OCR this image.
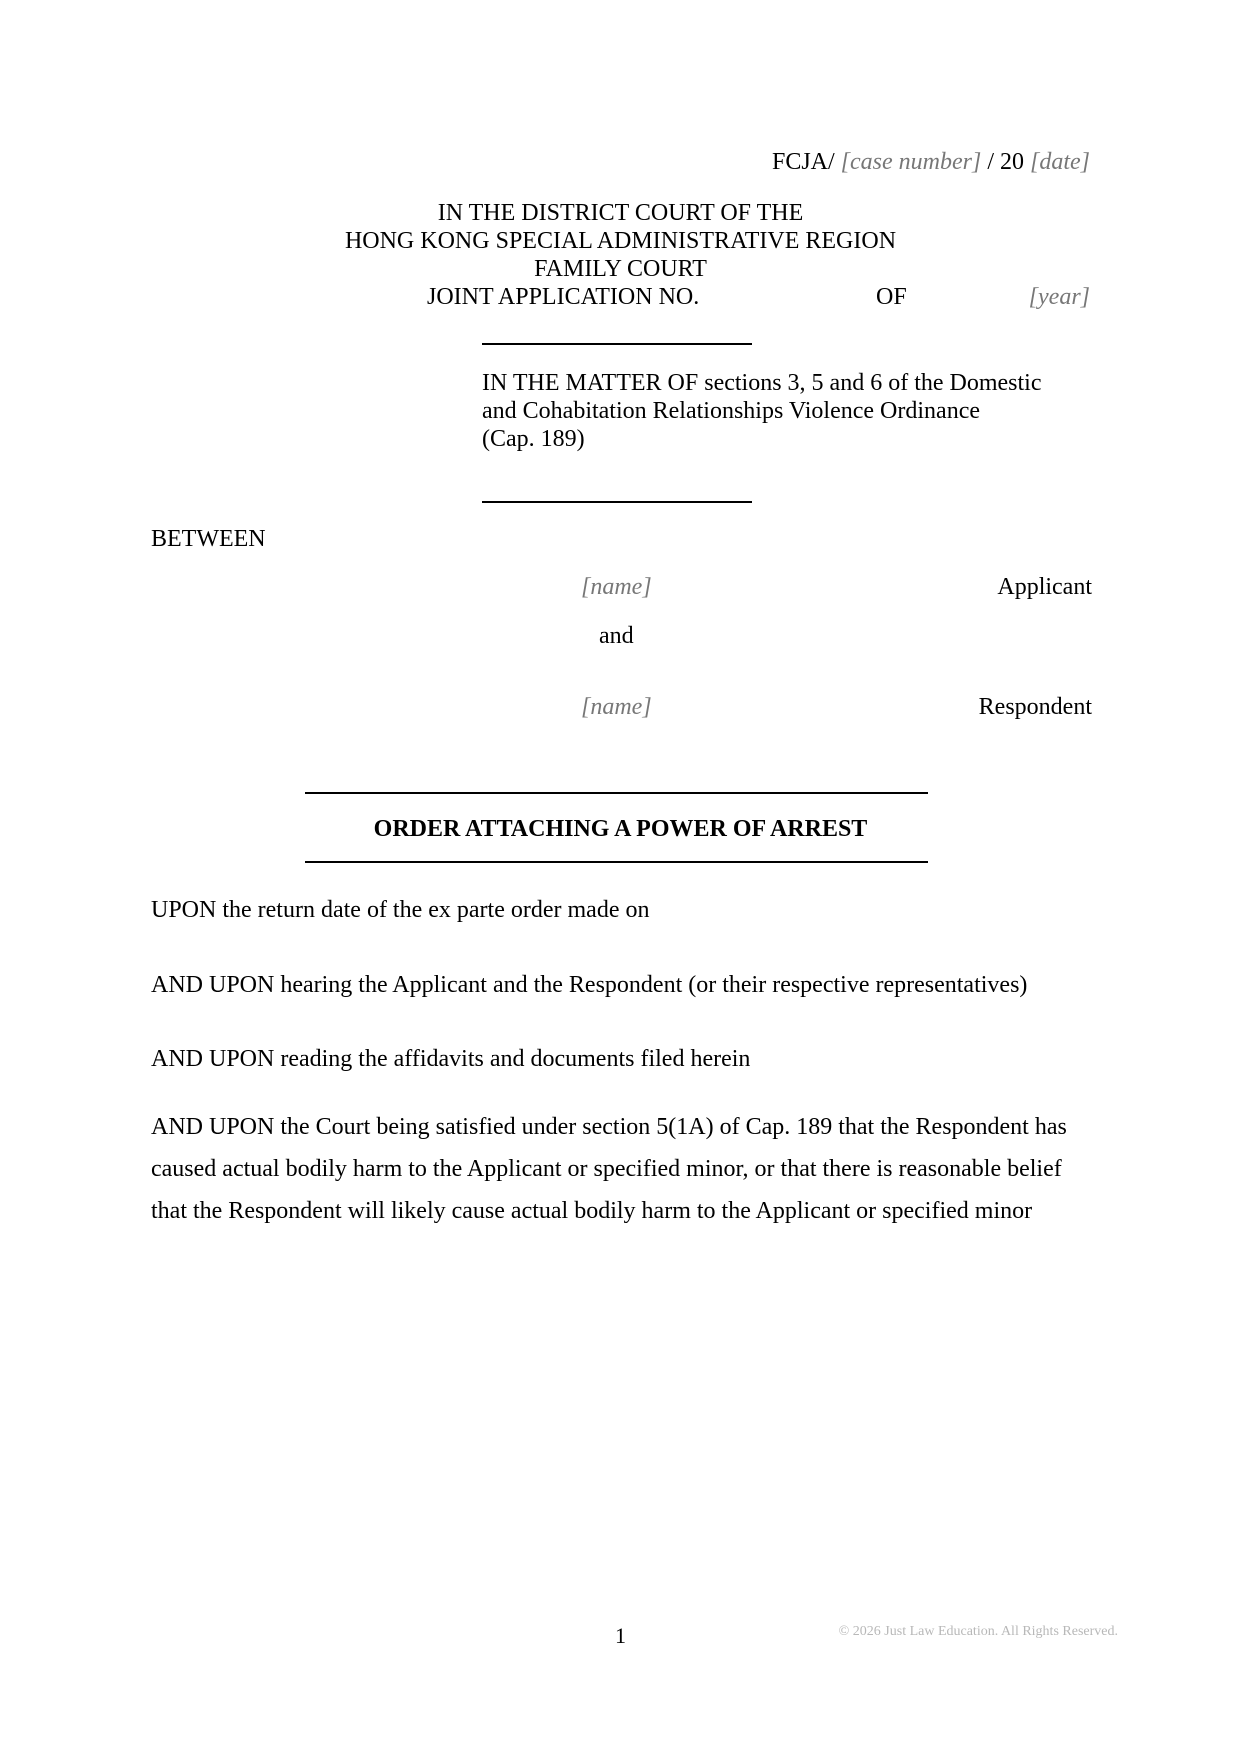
FCJA/ [case number] / 20 [date]
IN THE DISTRICT COURT OF THE
HONG KONG SPECIAL ADMINISTRATIVE REGION
FAMILY COURT
JOINT APPLICATION NO.	OF	[year]
IN THE MATTER OF sections 3, 5 and 6 of the Domestic
and Cohabitation Relationships Violence Ordinance
(Cap. 189)
BETWEEN
[name]	Applicant
and
[name]	Respondent
ORDER ATTACHING A POWER OF ARREST
UPON the return date of the ex parte order made on
AND UPON hearing the Applicant and the Respondent (or their respective representatives)
AND UPON reading the affidavits and documents filed herein
AND UPON the Court being satisfied under section 5(1A) of Cap. 189 that the Respondent has caused actual bodily harm to the Applicant or specified minor, or that there is reasonable belief that the Respondent will likely cause actual bodily harm to the Applicant or specified minor
1	© 2026 Just Law Education. All Rights Reserved.
